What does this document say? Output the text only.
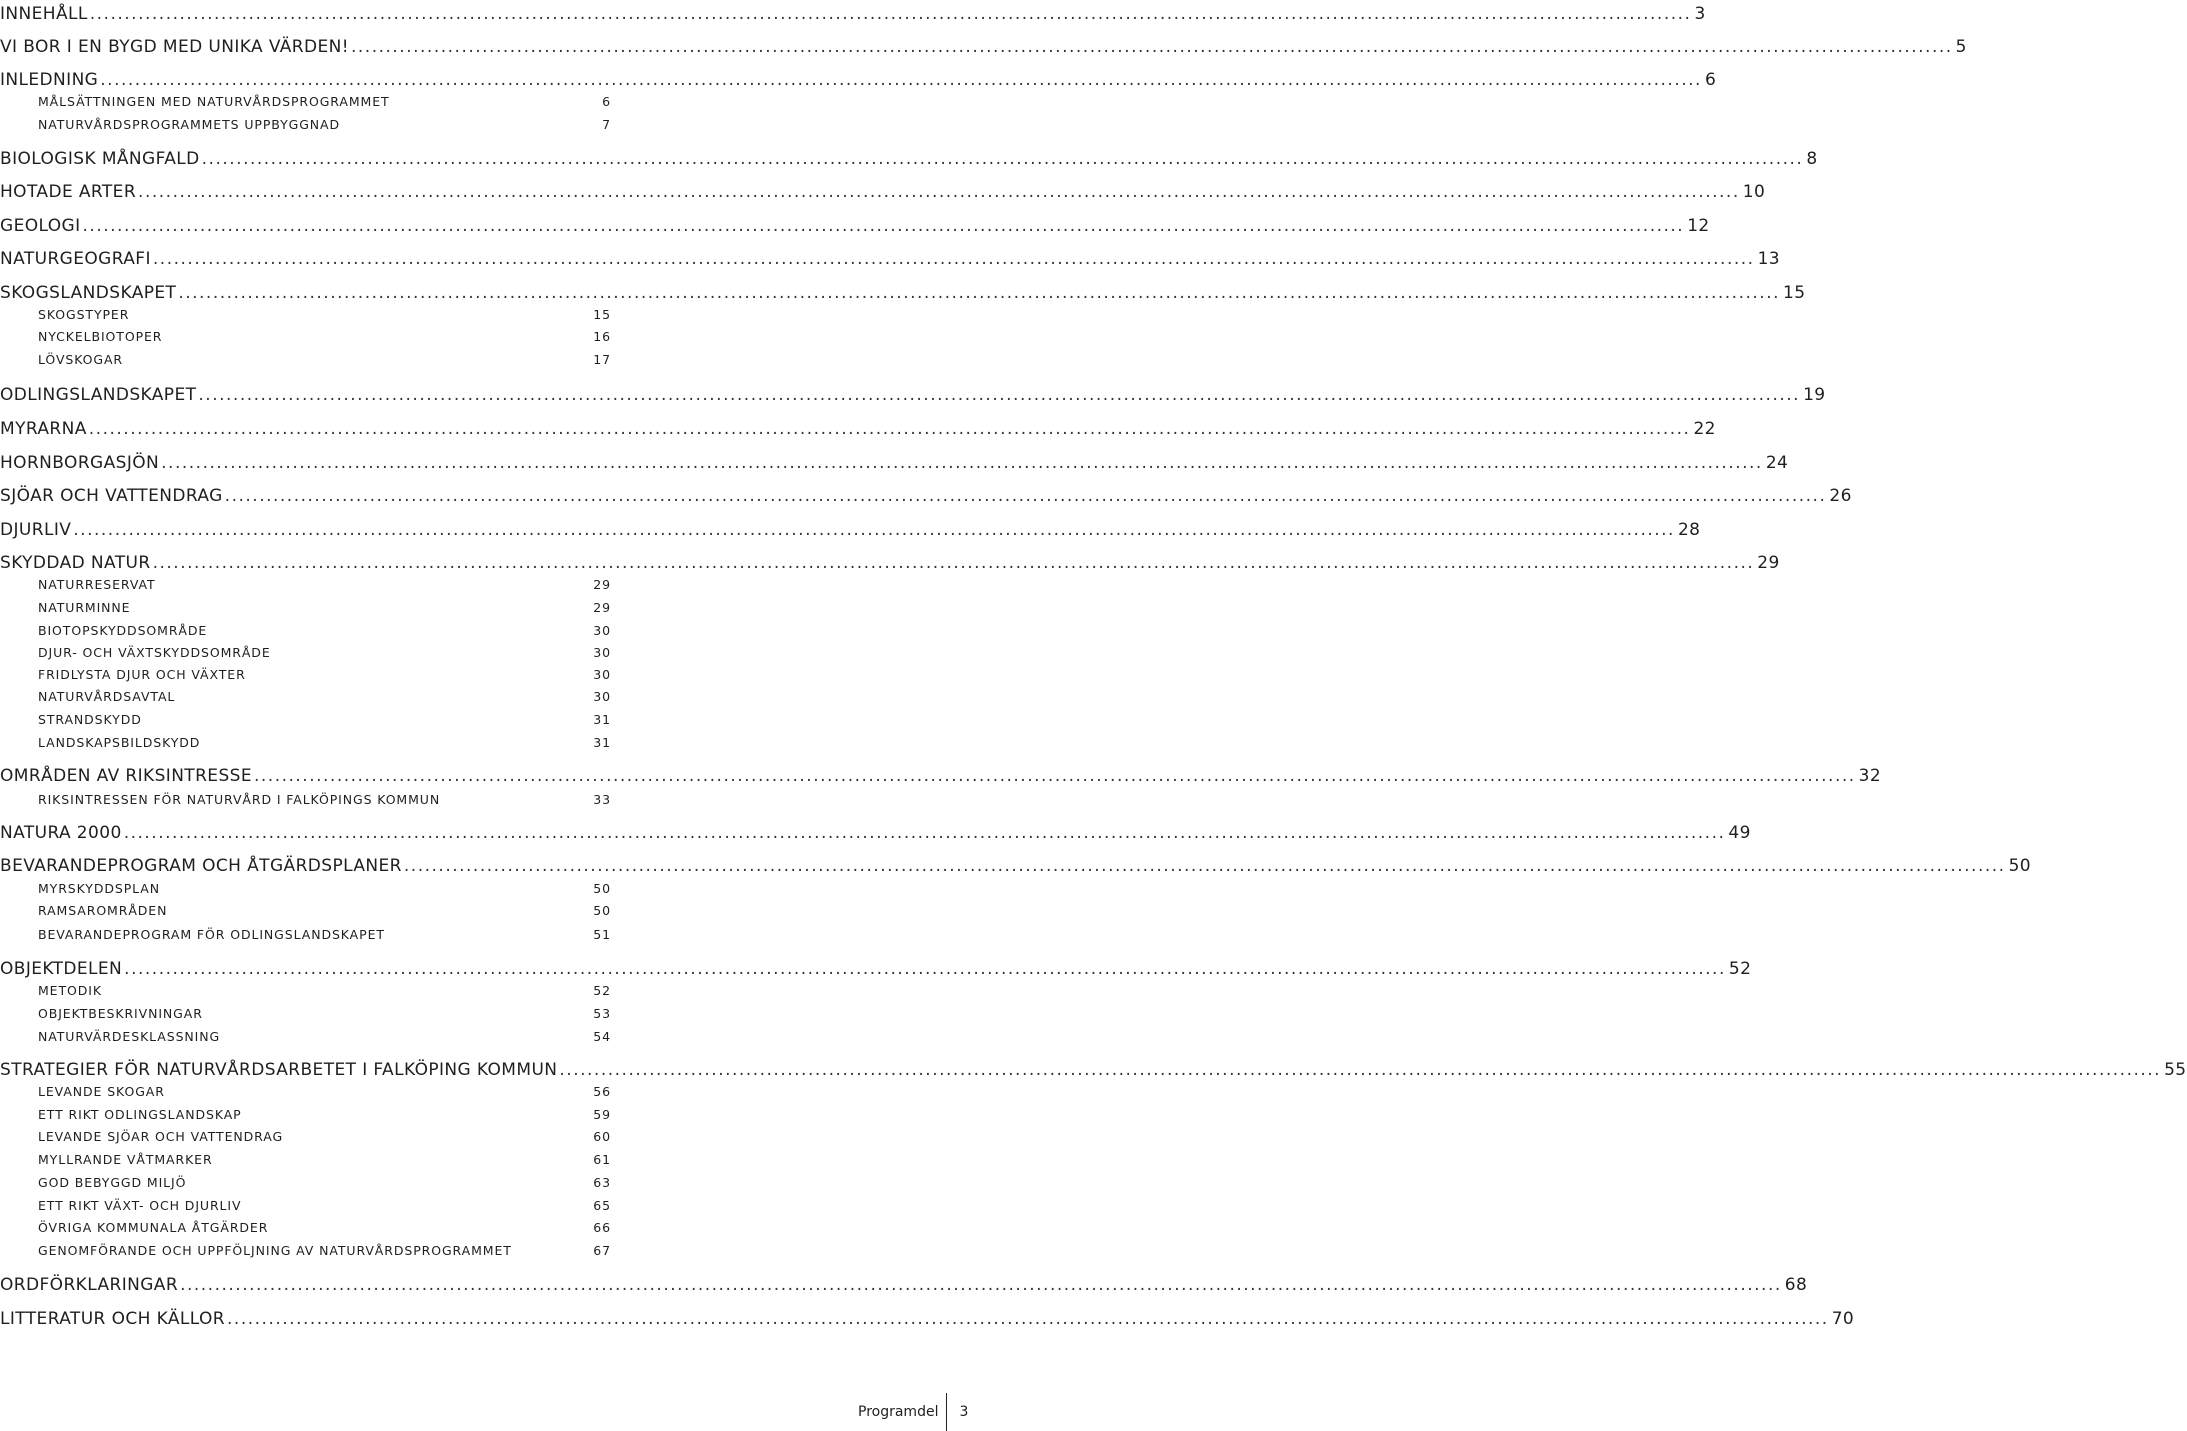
INNEHÅLL .....	3
VI BOR I EN BYGD MED UNIKA VÄRDEN! .....	5
INLEDNING .....	6
MÅLSÄTTNINGEN MED NATURVÅRDSPROGRAMMET	6
NATURVÅRDSPROGRAMMETS UPPBYGGNAD	7
BIOLOGISK MÅNGFALD .....	8
HOTADE ARTER .....	10
GEOLOGI .....	12
NATURGEOGRAFI .....	13
SKOGSLANDSKAPET .....	15
SKOGSTYPER	15
NYCKELBIOTOPER	16
LÖVSKOGAR	17
ODLINGSLANDSKAPET .....	19
MYRARNA .....	22
HORNBORGASJÖN .....	24
SJÖAR OCH VATTENDRAG .....	26
DJURLIV .....	28
SKYDDAD NATUR .....	29
NATURRESERVAT	29
NATURMINNE	29
BIOTOPSKYDDSOMRÅDE	30
DJUR- OCH VÄXTSKYDDSOMRÅDE	30
FRIDLYSTA DJUR OCH VÄXTER	30
NATURVÅRDSAVTAL	30
STRANDSKYDD	31
LANDSKAPSBILDSKYDD	31
OMRÅDEN AV RIKSINTRESSE .....	32
RIKSINTRESSEN FÖR NATURVÅRD I FALKÖPINGS KOMMUN	33
NATURA 2000 .....	49
BEVARANDEPROGRAM OCH ÅTGÄRDSPLANER .....	50
MYRSKYDDSPLAN	50
RAMSAROMRÅDEN	50
BEVARANDEPROGRAM FÖR ODLINGSLANDSKAPET	51
OBJEKTDELEN .....	52
METODIK	52
OBJEKTBESKRIVNINGAR	53
NATURVÄRDESKLASSNING	54
STRATEGIER FÖR NATURVÅRDSARBETET I FALKÖPING KOMMUN .....	55
LEVANDE SKOGAR	56
ETT RIKT ODLINGSLANDSKAP	59
LEVANDE SJÖAR OCH VATTENDRAG	60
MYLLRANDE VÅTMARKER	61
GOD BEBYGGD MILJÖ	63
ETT RIKT VÄXT- OCH DJURLIV	65
ÖVRIGA KOMMUNALA ÅTGÄRDER	66
GENOMFÖRANDE OCH UPPFÖLJNING AV NATURVÅRDSPROGRAMMET	67
ORDFÖRKLARINGAR .....	68
LITTERATUR OCH KÄLLOR .....	70
Programdel	3
